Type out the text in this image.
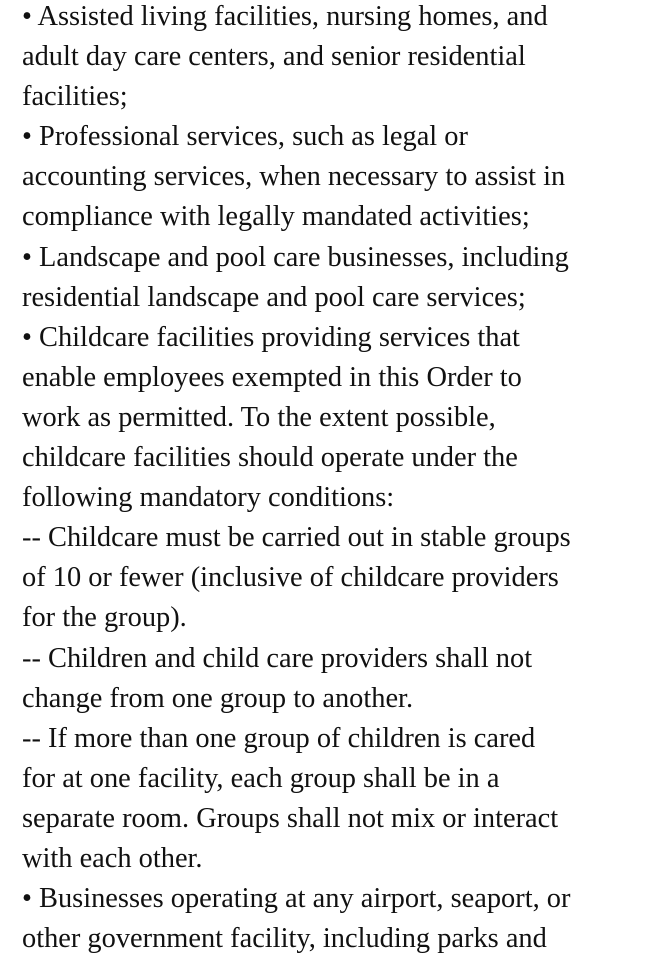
• Assisted living facilities, nursing homes, and
adult day care centers, and senior residential
facilities;
• Professional services, such as legal or
accounting services, when necessary to assist in
compliance with legally mandated activities;
• Landscape and pool care businesses, including
residential landscape and pool care services;
• Childcare facilities providing services that
enable employees exempted in this Order to
work as permitted. To the extent possible,
childcare facilities should operate under the
following mandatory conditions:
-- Childcare must be carried out in stable groups
of 10 or fewer (inclusive of childcare providers
for the group).
-- Children and child care providers shall not
change from one group to another.
-- If more than one group of children is cared
for at one facility, each group shall be in a
separate room. Groups shall not mix or interact
with each other.
• Businesses operating at any airport, seaport, or
other government facility, including parks and
